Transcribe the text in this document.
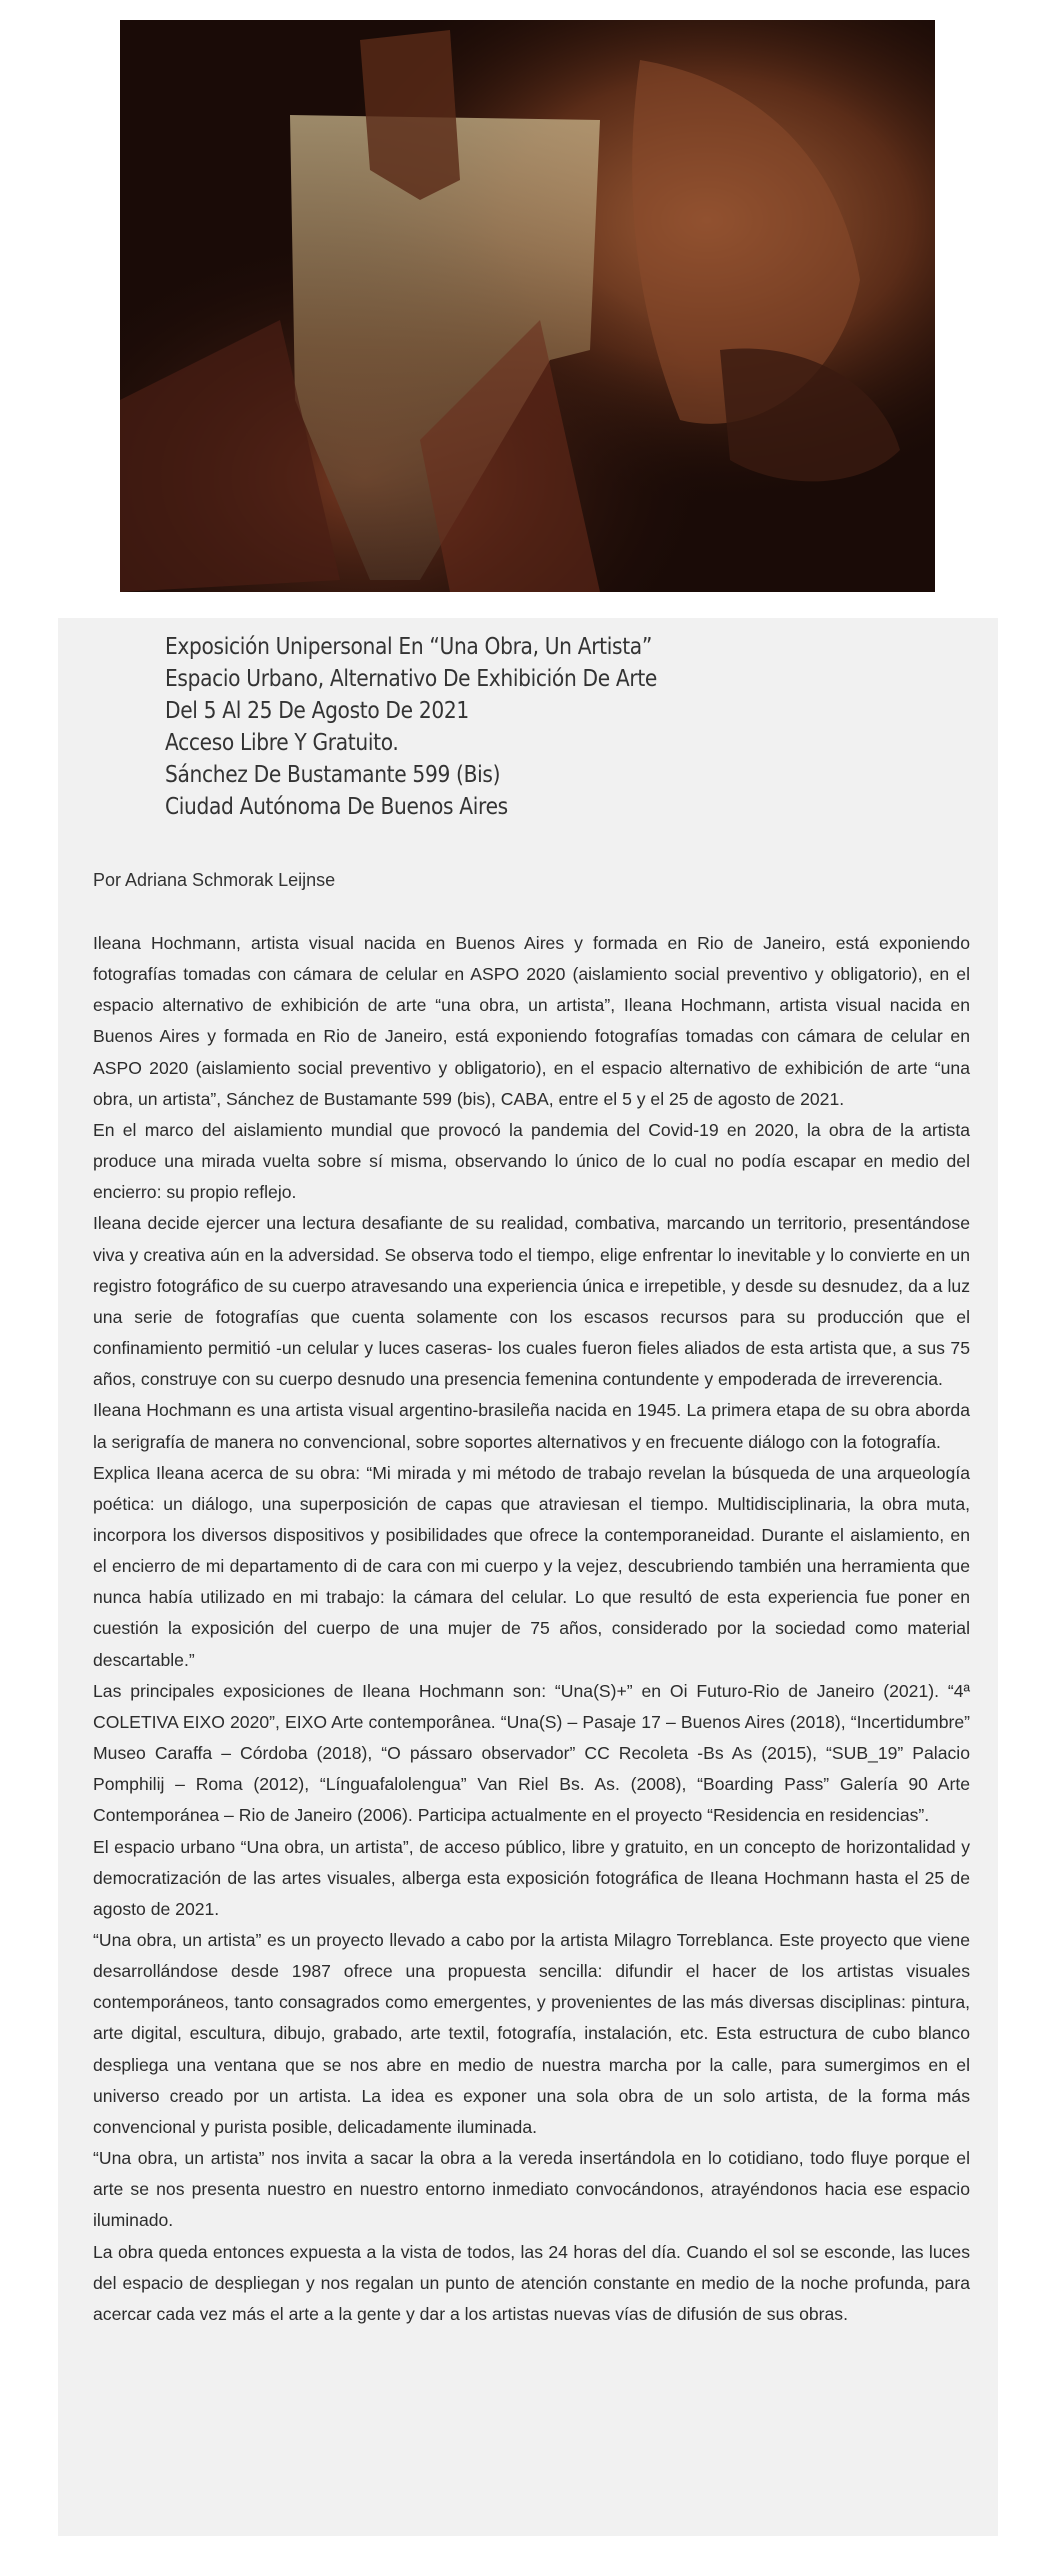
Exposición Unipersonal En “Una Obra, Un Artista”
Espacio Urbano, Alternativo De Exhibición De Arte
Del 5 Al 25 De Agosto De 2021
Acceso Libre Y Gratuito.
Sánchez De Bustamante 599 (Bis)
Ciudad Autónoma De Buenos Aires
Por Adriana Schmorak Leijnse

Ileana Hochmann, artista visual nacida en Buenos Aires y formada en Rio de Janeiro, está exponiendo fotografías tomadas con cámara de celular en ASPO 2020 (aislamiento social preventivo y obligatorio), en el espacio alternativo de exhibición de arte “una obra, un artista”, Ileana Hochmann, artista visual nacida en Buenos Aires y formada en Rio de Janeiro, está exponiendo fotografías tomadas con cámara de celular en ASPO 2020 (aislamiento social preventivo y obligatorio), en el espacio alternativo de exhibición de arte “una obra, un artista”, Sánchez de Bustamante 599 (bis), CABA, entre el 5 y el 25 de agosto de 2021.

En el marco del aislamiento mundial que provocó la pandemia del Covid-19 en 2020, la obra de la artista produce una mirada vuelta sobre sí misma, observando lo único de lo cual no podía escapar en medio del encierro: su propio reflejo.

Ileana decide ejercer una lectura desafiante de su realidad, combativa, marcando un territorio, presentándose viva y creativa aún en la adversidad. Se observa todo el tiempo, elige enfrentar lo inevitable y lo convierte en un registro fotográfico de su cuerpo atravesando una experiencia única e irrepetible, y desde su desnudez, da a luz una serie de fotografías que cuenta solamente con los escasos recursos para su producción que el confinamiento permitió -un celular y luces caseras- los cuales fueron fieles aliados de esta artista que, a sus 75 años, construye con su cuerpo desnudo una presencia femenina contundente y empoderada de irreverencia.

Ileana Hochmann es una artista visual argentino-brasileña nacida en 1945. La primera etapa de su obra aborda la serigrafía de manera no convencional, sobre soportes alternativos y en frecuente diálogo con la fotografía.

Explica Ileana acerca de su obra: “Mi mirada y mi método de trabajo revelan la búsqueda de una arqueología poética: un diálogo, una superposición de capas que atraviesan el tiempo. Multidisciplinaria, la obra muta, incorpora los diversos dispositivos y posibilidades que ofrece la contemporaneidad. Durante el aislamiento, en el encierro de mi departamento di de cara con mi cuerpo y la vejez, descubriendo también una herramienta que nunca había utilizado en mi trabajo: la cámara del celular. Lo que resultó de esta experiencia fue poner en cuestión la exposición del cuerpo de una mujer de 75 años, considerado por la sociedad como material descartable.”

Las principales exposiciones de Ileana Hochmann son: “Una(S)+” en Oi Futuro-Rio de Janeiro (2021). “4ª COLETIVA EIXO 2020”, EIXO Arte contemporânea. “Una(S) – Pasaje 17 – Buenos Aires (2018), “Incertidumbre” Museo Caraffa – Córdoba (2018), “O pássaro observador” CC Recoleta -Bs As (2015), “SUB_19” Palacio Pomphilij – Roma (2012), “Línguafalolengua” Van Riel Bs. As. (2008), “Boarding Pass” Galería 90 Arte Contemporánea – Rio de Janeiro (2006). Participa actualmente en el proyecto “Residencia en residencias”.

El espacio urbano “Una obra, un artista”, de acceso público, libre y gratuito, en un concepto de horizontalidad y democratización de las artes visuales, alberga esta exposición fotográfica de Ileana Hochmann hasta el 25 de agosto de 2021.

“Una obra, un artista” es un proyecto llevado a cabo por la artista Milagro Torreblanca. Este proyecto que viene desarrollándose desde 1987 ofrece una propuesta sencilla: difundir el hacer de los artistas visuales contemporáneos, tanto consagrados como emergentes, y provenientes de las más diversas disciplinas: pintura, arte digital, escultura, dibujo, grabado, arte textil, fotografía, instalación, etc. Esta estructura de cubo blanco despliega una ventana que se nos abre en medio de nuestra marcha por la calle, para sumergimos en el universo creado por un artista. La idea es exponer una sola obra de un solo artista, de la forma más convencional y purista posible, delicadamente iluminada.

“Una obra, un artista” nos invita a sacar la obra a la vereda insertándola en lo cotidiano, todo fluye porque el arte se nos presenta nuestro en nuestro entorno inmediato convocándonos, atrayéndonos hacia ese espacio iluminado.

La obra queda entonces expuesta a la vista de todos, las 24 horas del día. Cuando el sol se esconde, las luces del espacio de despliegan y nos regalan un punto de atención constante en medio de la noche profunda, para acercar cada vez más el arte a la gente y dar a los artistas nuevas vías de difusión de sus obras.
